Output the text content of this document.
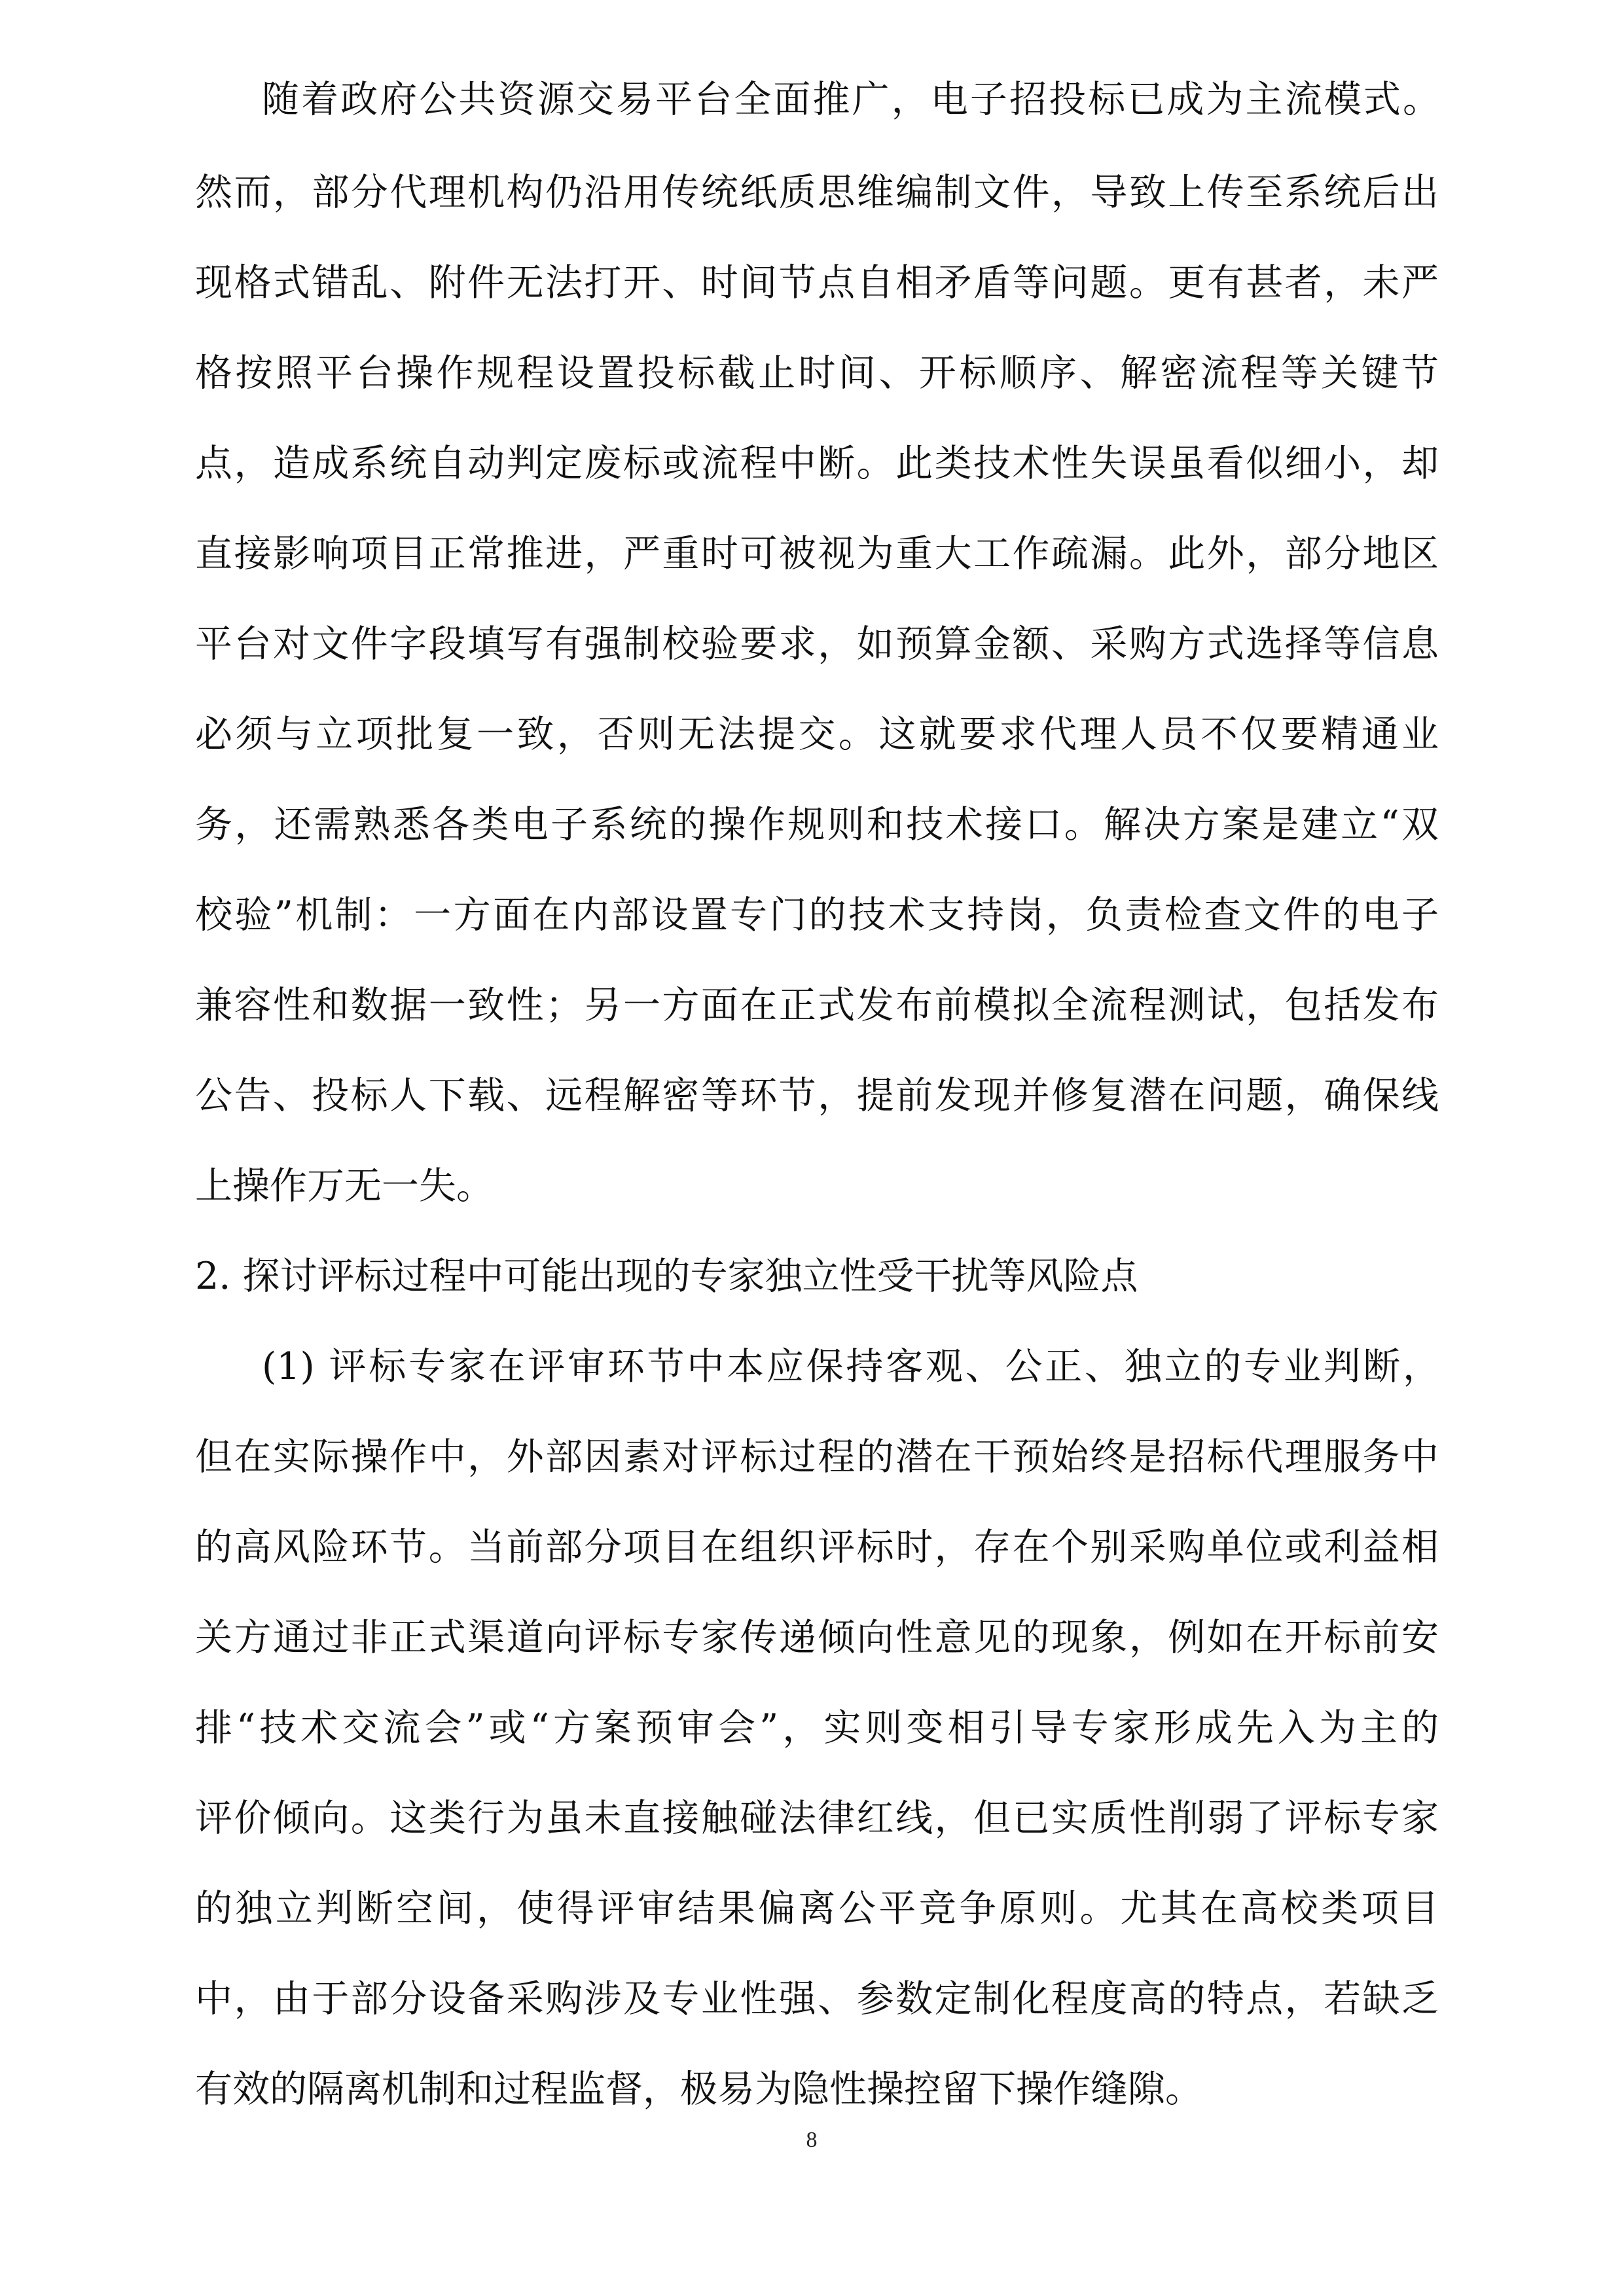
随着政府公共资源交易平台全面推广，电子招投标已成为主流模式。
然而，部分代理机构仍沿用传统纸质思维编制文件，导致上传至系统后出
现格式错乱、附件无法打开、时间节点自相矛盾等问题。更有甚者，未严
格按照平台操作规程设置投标截止时间、开标顺序、解密流程等关键节
点，造成系统自动判定废标或流程中断。此类技术性失误虽看似细小，却
直接影响项目正常推进，严重时可被视为重大工作疏漏。此外，部分地区
平台对文件字段填写有强制校验要求，如预算金额、采购方式选择等信息
必须与立项批复一致，否则无法提交。这就要求代理人员不仅要精通业
务，还需熟悉各类电子系统的操作规则和技术接口。解决方案是建立“双
校验”机制：一方面在内部设置专门的技术支持岗，负责检查文件的电子
兼容性和数据一致性；另一方面在正式发布前模拟全流程测试，包括发布
公告、投标人下载、远程解密等环节，提前发现并修复潜在问题，确保线
上操作万无一失。
2. 探讨评标过程中可能出现的专家独立性受干扰等风险点
(1) 评标专家在评审环节中本应保持客观、公正、独立的专业判断，
但在实际操作中，外部因素对评标过程的潜在干预始终是招标代理服务中
的高风险环节。当前部分项目在组织评标时，存在个别采购单位或利益相
关方通过非正式渠道向评标专家传递倾向性意见的现象，例如在开标前安
排“技术交流会”或“方案预审会”，实则变相引导专家形成先入为主的
评价倾向。这类行为虽未直接触碰法律红线，但已实质性削弱了评标专家
的独立判断空间，使得评审结果偏离公平竞争原则。尤其在高校类项目
中，由于部分设备采购涉及专业性强、参数定制化程度高的特点，若缺乏
有效的隔离机制和过程监督，极易为隐性操控留下操作缝隙。
8
